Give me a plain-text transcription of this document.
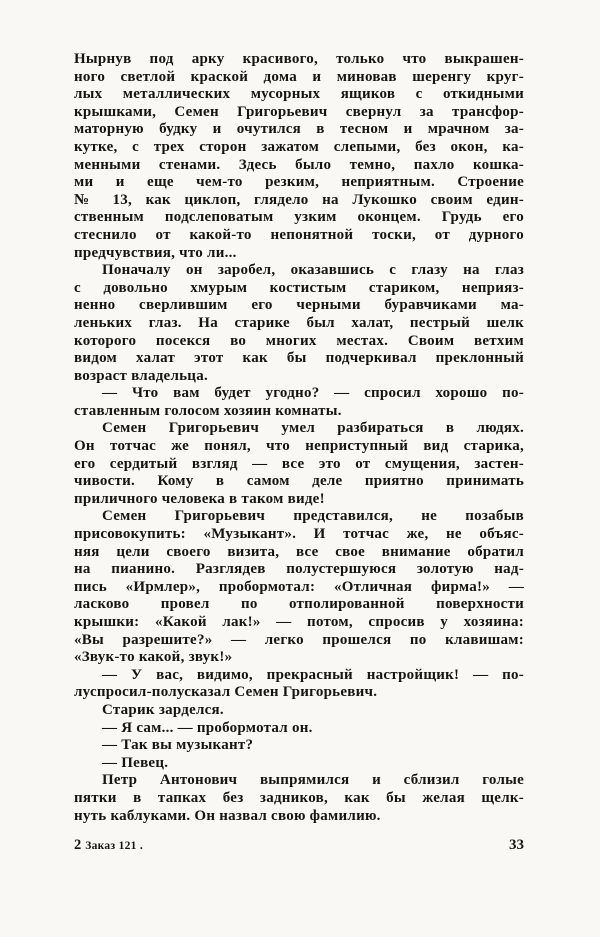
Нырнув под арку красивого, только что выкрашен-
ного светлой краской дома и миновав шеренгу круг-
лых металлических мусорных ящиков с откидными
крышками, Семен Григорьевич свернул за трансфор-
маторную будку и очутился в тесном и мрачном за-
кутке, с трех сторон зажатом слепыми, без окон, ка-
менными стенами. Здесь было темно, пахло кошка-
ми и еще чем-то резким, неприятным. Строение
№ 13, как циклоп, глядело на Лукошко своим един-
ственным подслеповатым узким оконцем. Грудь его
стеснило от какой-то непонятной тоски, от дурного
предчувствия, что ли...
Поначалу он заробел, оказавшись с глазу на глаз
с довольно хмурым костистым стариком, неприяз-
ненно сверлившим его черными буравчиками ма-
леньких глаз. На старике был халат, пестрый шелк
которого посекся во многих местах. Своим ветхим
видом халат этот как бы подчеркивал преклонный
возраст владельца.
— Что вам будет угодно? — спросил хорошо по-
ставленным голосом хозяин комнаты.
Семен Григорьевич умел разбираться в людях.
Он тотчас же понял, что неприступный вид старика,
его сердитый взгляд — все это от смущения, застен-
чивости. Кому в самом деле приятно принимать
приличного человека в таком виде!
Семен Григорьевич представился, не позабыв
присовокупить: «Музыкант». И тотчас же, не объяс-
няя цели своего визита, все свое внимание обратил
на пианино. Разглядев полустершуюся золотую над-
пись «Ирмлер», пробормотал: «Отличная фирма!» —
ласково провел по отполированной поверхности
крышки: «Какой лак!» — потом, спросив у хозяина:
«Вы разрешите?» — легко прошелся по клавишам:
«Звук-то какой, звук!»
— У вас, видимо, прекрасный настройщик! — по-
луспросил-полусказал Семен Григорьевич.
Старик зарделся.
— Я сам... — пробормотал он.
— Так вы музыкант?
— Певец.
Петр Антонович выпрямился и сблизил голые
пятки в тапках без задников, как бы желая щелк-
нуть каблуками. Он назвал свою фамилию.
2 Заказ 121 .	33
